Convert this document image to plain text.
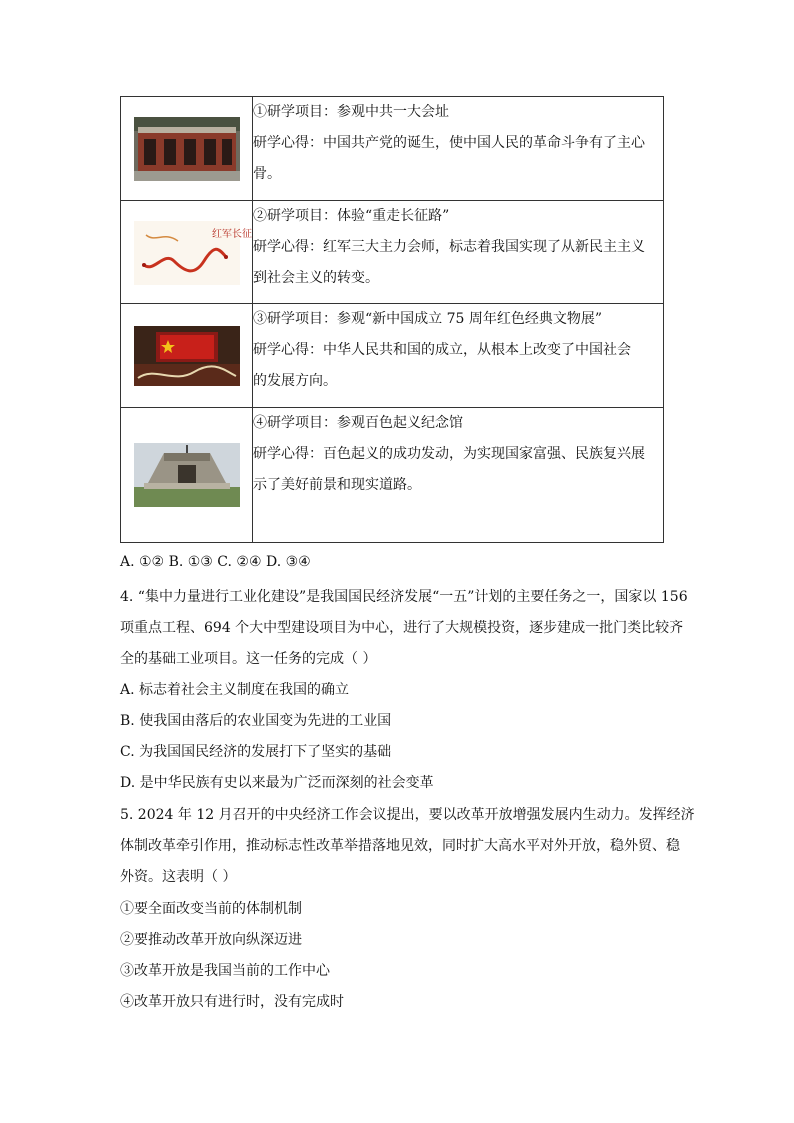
①研学项目：参观中共一大会址
研学心得：中国共产党的诞生，使中国人民的革命斗争有了主心
骨。

红军长征	②研学项目：体验“重走长征路”
研学心得：红军三大主力会师，标志着我国实现了从新民主主义
到社会主义的转变。

③研学项目：参观“新中国成立 75 周年红色经典文物展”
研学心得：中华人民共和国的成立，从根本上改变了中国社会
的发展方向。

④研学项目：参观百色起义纪念馆
研学心得：百色起义的成功发动，为实现国家富强、民族复兴展
示了美好前景和现实道路。
A. ①② B. ①③ C. ②④ D. ③④
4. “集中力量进行工业化建设”是我国国民经济发展“一五”计划的主要任务之一，国家以 156
项重点工程、694 个大中型建设项目为中心，进行了大规模投资，逐步建成一批门类比较齐
全的基础工业项目。这一任务的完成（ ）
A. 标志着社会主义制度在我国的确立
B. 使我国由落后的农业国变为先进的工业国
C. 为我国国民经济的发展打下了坚实的基础
D. 是中华民族有史以来最为广泛而深刻的社会变革
5. 2024 年 12 月召开的中央经济工作会议提出，要以改革开放增强发展内生动力。发挥经济
体制改革牵引作用，推动标志性改革举措落地见效，同时扩大高水平对外开放，稳外贸、稳
外资。这表明（ ）
①要全面改变当前的体制机制
②要推动改革开放向纵深迈进
③改革开放是我国当前的工作中心
④改革开放只有进行时，没有完成时
